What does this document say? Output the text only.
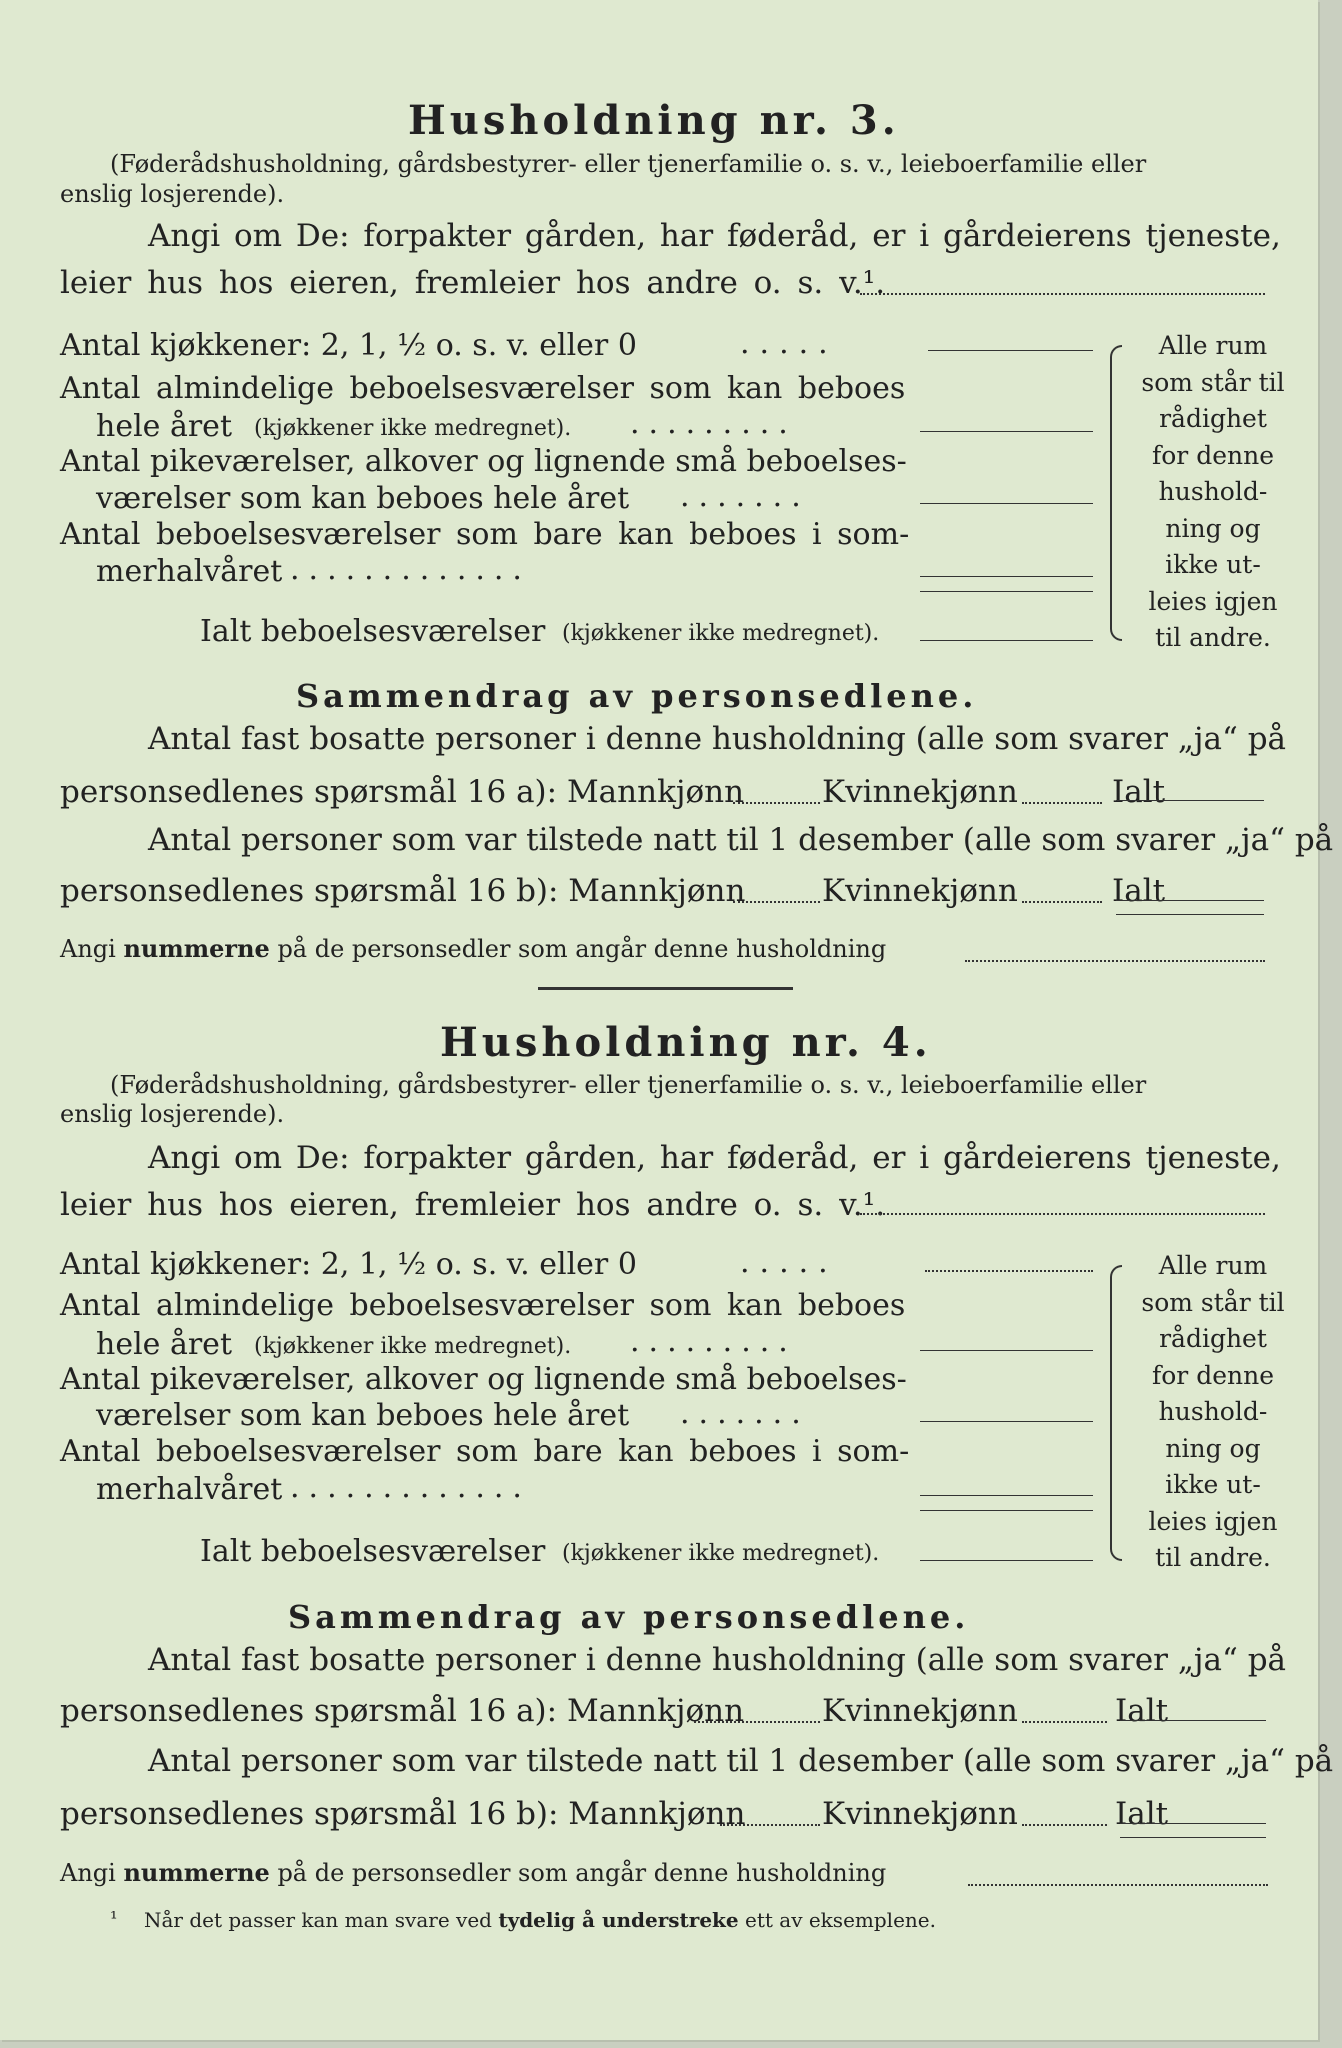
Husholdning nr. 3.
(Føderådshusholdning, gårdsbestyrer- eller tjenerfamilie o. s. v., leieboerfamilie eller
enslig losjerende).
Angi om De: forpakter gården, har føderåd, er i gårdeierens tjeneste,
leier hus hos eieren, fremleier hos andre o. s. v.¹.
Antal kjøkkener: 2, 1, ½ o. s. v. eller 0	.....
Antal almindelige beboelsesværelser som kan beboes
hele året (kjøkkener ikke medregnet). .........
Antal pikeværelser, alkover og lignende små beboelses-
værelser som kan beboes hele året .......
Antal beboelsesværelser som bare kan beboes i som-
merhalvåret .............
Ialt beboelsesværelser (kjøkkener ikke medregnet).
Alle rum
som står til
rådighet
for denne
hushold-
ning og
ikke ut-
leies igjen
til andre.
Sammendrag av personsedlene.
Antal fast bosatte personer i denne husholdning (alle som svarer „ja“ på
personsedlenes spørsmål 16 a): Mannkjønn	Kvinnekjønn	Ialt
Antal personer som var tilstede natt til 1 desember (alle som svarer „ja“ på
personsedlenes spørsmål 16 b): Mannkjønn Kvinnekjønn	Ialt
Angi nummerne på de personsedler som angår denne husholdning
Husholdning nr. 4.
(Føderådshusholdning, gårdsbestyrer- eller tjenerfamilie o. s. v., leieboerfamilie eller
enslig losjerende).
Angi om De: forpakter gården, har føderåd, er i gårdeierens tjeneste,
leier hus hos eieren, fremleier hos andre o. s. v.¹.
Antal kjøkkener: 2, 1, ½ o. s. v. eller 0	.....
Antal almindelige beboelsesværelser som kan beboes
hele året (kjøkkener ikke medregnet). .........
Antal pikeværelser, alkover og lignende små beboelses-
værelser som kan beboes hele året .......
Antal beboelsesværelser som bare kan beboes i som-
merhalvåret .............
Ialt beboelsesværelser (kjøkkener ikke medregnet).
Alle rum
som står til
rådighet
for denne
hushold-
ning og
ikke ut-
leies igjen
til andre.
Sammendrag av personsedlene.
Antal fast bosatte personer i denne husholdning (alle som svarer „ja“ på
personsedlenes spørsmål 16 a): Mannkjønn	Kvinnekjønn	Ialt
Antal personer som var tilstede natt til 1 desember (alle som svarer „ja“ på
personsedlenes spørsmål 16 b): Mannkjønn Kvinnekjønn	Ialt
Angi nummerne på de personsedler som angår denne husholdning
¹ Når det passer kan man svare ved tydelig å understreke ett av eksemplene.
